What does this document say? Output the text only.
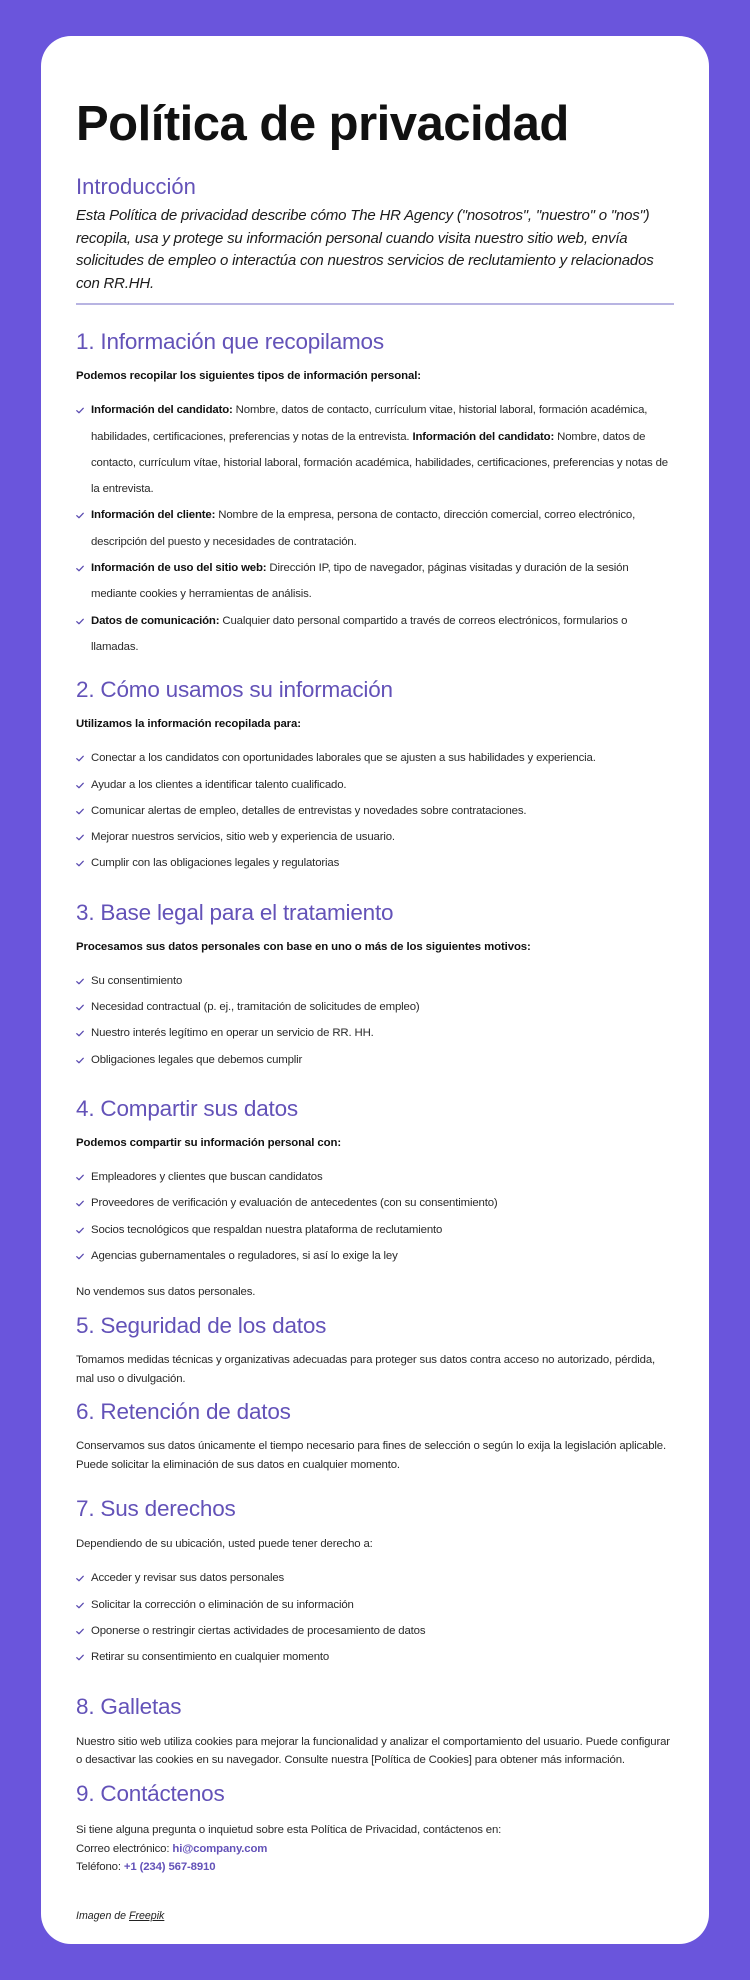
Política de privacidad
Introducción

Esta Política de privacidad describe cómo The HR Agency ("nosotros", "nuestro" o "nos") recopila, usa y protege su información personal cuando visita nuestro sitio web, envía solicitudes de empleo o interactúa con nuestros servicios de reclutamiento y relacionados con RR.HH.

1. Información que recopilamos

Podemos recopilar los siguientes tipos de información personal:

Información del candidato: Nombre, datos de contacto, currículum vitae, historial laboral, formación académica, habilidades, certificaciones, preferencias y notas de la entrevista. Información del candidato: Nombre, datos de contacto, currículum vítae, historial laboral, formación académica, habilidades, certificaciones, preferencias y notas de la entrevista.
Información del cliente: Nombre de la empresa, persona de contacto, dirección comercial, correo electrónico, descripción del puesto y necesidades de contratación.
Información de uso del sitio web: Dirección IP, tipo de navegador, páginas visitadas y duración de la sesión mediante cookies y herramientas de análisis.
Datos de comunicación: Cualquier dato personal compartido a través de correos electrónicos, formularios o llamadas.
2. Cómo usamos su información

Utilizamos la información recopilada para:

Conectar a los candidatos con oportunidades laborales que se ajusten a sus habilidades y experiencia.
Ayudar a los clientes a identificar talento cualificado.
Comunicar alertas de empleo, detalles de entrevistas y novedades sobre contrataciones.
Mejorar nuestros servicios, sitio web y experiencia de usuario.
Cumplir con las obligaciones legales y regulatorias
3. Base legal para el tratamiento

Procesamos sus datos personales con base en uno o más de los siguientes motivos:

Su consentimiento
Necesidad contractual (p. ej., tramitación de solicitudes de empleo)
Nuestro interés legítimo en operar un servicio de RR. HH.
Obligaciones legales que debemos cumplir
4. Compartir sus datos

Podemos compartir su información personal con:

Empleadores y clientes que buscan candidatos
Proveedores de verificación y evaluación de antecedentes (con su consentimiento)
Socios tecnológicos que respaldan nuestra plataforma de reclutamiento
Agencias gubernamentales o reguladores, si así lo exige la ley

No vendemos sus datos personales.

5. Seguridad de los datos

Tomamos medidas técnicas y organizativas adecuadas para proteger sus datos contra acceso no autorizado, pérdida, mal uso o divulgación.

6. Retención de datos

Conservamos sus datos únicamente el tiempo necesario para fines de selección o según lo exija la legislación aplicable. Puede solicitar la eliminación de sus datos en cualquier momento.

7. Sus derechos

Dependiendo de su ubicación, usted puede tener derecho a:

Acceder y revisar sus datos personales
Solicitar la corrección o eliminación de su información
Oponerse o restringir ciertas actividades de procesamiento de datos
Retirar su consentimiento en cualquier momento
8. Galletas

Nuestro sitio web utiliza cookies para mejorar la funcionalidad y analizar el comportamiento del usuario. Puede configurar o desactivar las cookies en su navegador. Consulte nuestra [Política de Cookies] para obtener más información.

9. Contáctenos

Si tiene alguna pregunta o inquietud sobre esta Política de Privacidad, contáctenos en:

Correo electrónico: hi@company.com

Teléfono: +1 (234) 567-8910

Imagen de Freepik
